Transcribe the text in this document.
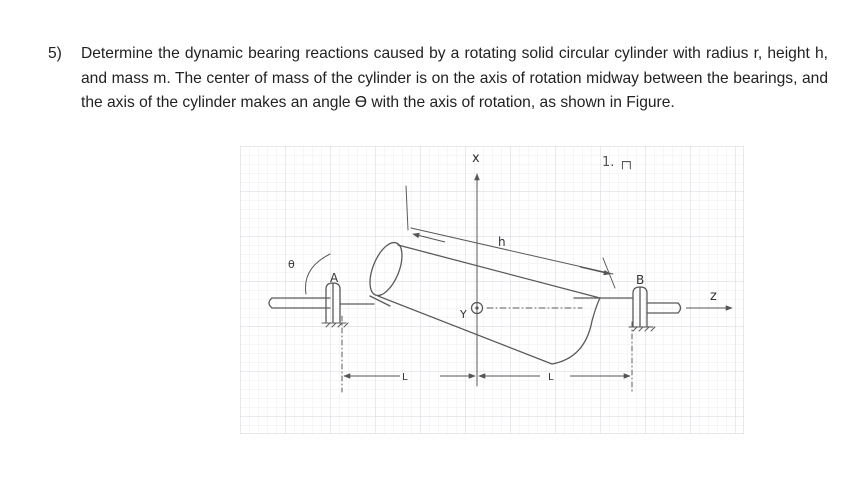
5) Determine the dynamic bearing reactions caused by a rotating solid circular cylinder with radius r, height h, and mass m. The center of mass of the cylinder is on the axis of rotation midway between the bearings, and the axis of the cylinder makes an angle ϴ with the axis of rotation, as shown in Figure.
x
Y
z
θ
A	B
h
L	L
1. ┌┐
